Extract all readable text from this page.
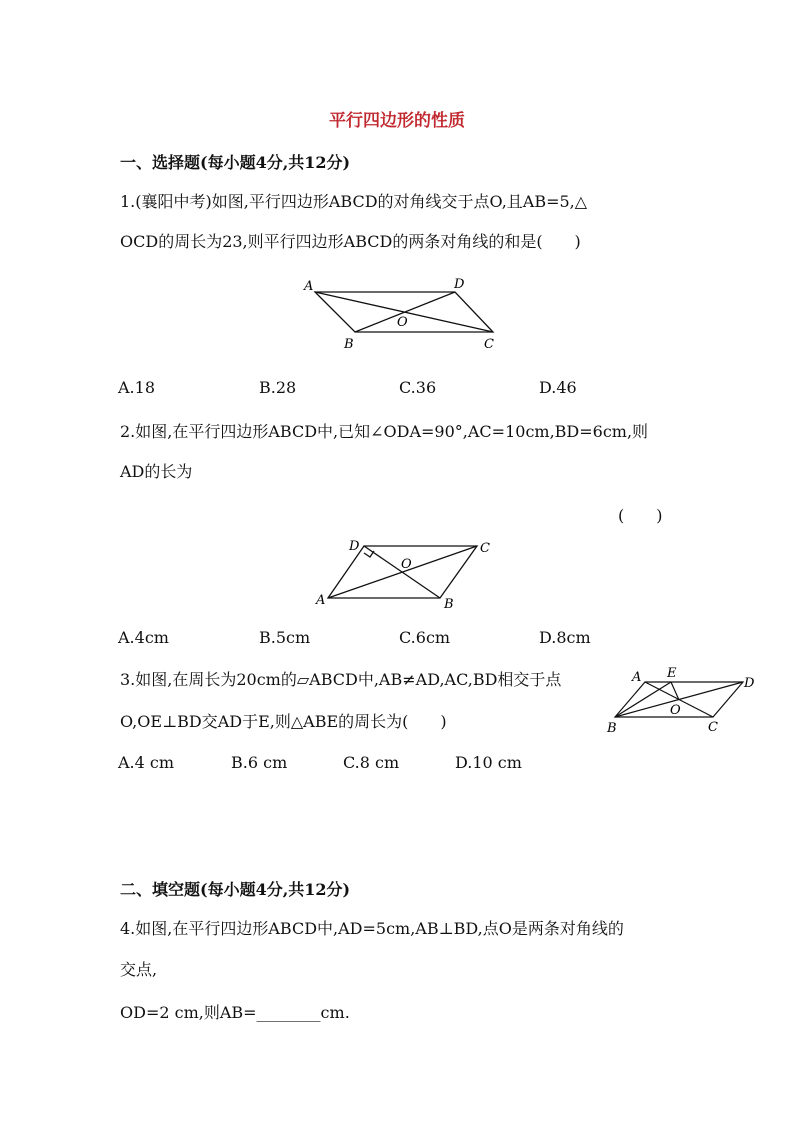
平行四边形的性质
一、选择题(每小题4分,共12分)
1.(襄阳中考)如图,平行四边形ABCD的对角线交于点O,且AB=5,△
OCD的周长为23,则平行四边形ABCD的两条对角线的和是(　　)
A	D
O
B	C
A.18	B.28	C.36	D.46
2.如图,在平行四边形ABCD中,已知∠ODA=90°,AC=10cm,BD=6cm,则
AD的长为
(　　)
D	C
O
A	B
A.4cm	B.5cm	C.6cm	D.8cm
3.如图,在周长为20cm的▱ABCD中,AB≠AD,AC,BD相交于点
O,OE⊥BD交AD于E,则△ABE的周长为(　　)
A E
D
O
B	C
A.4 cm	B.6 cm	C.8 cm	D.10 cm
二、填空题(每小题4分,共12分)
4.如图,在平行四边形ABCD中,AD=5cm,AB⊥BD,点O是两条对角线的
交点,
OD=2 cm,则AB=________cm.
